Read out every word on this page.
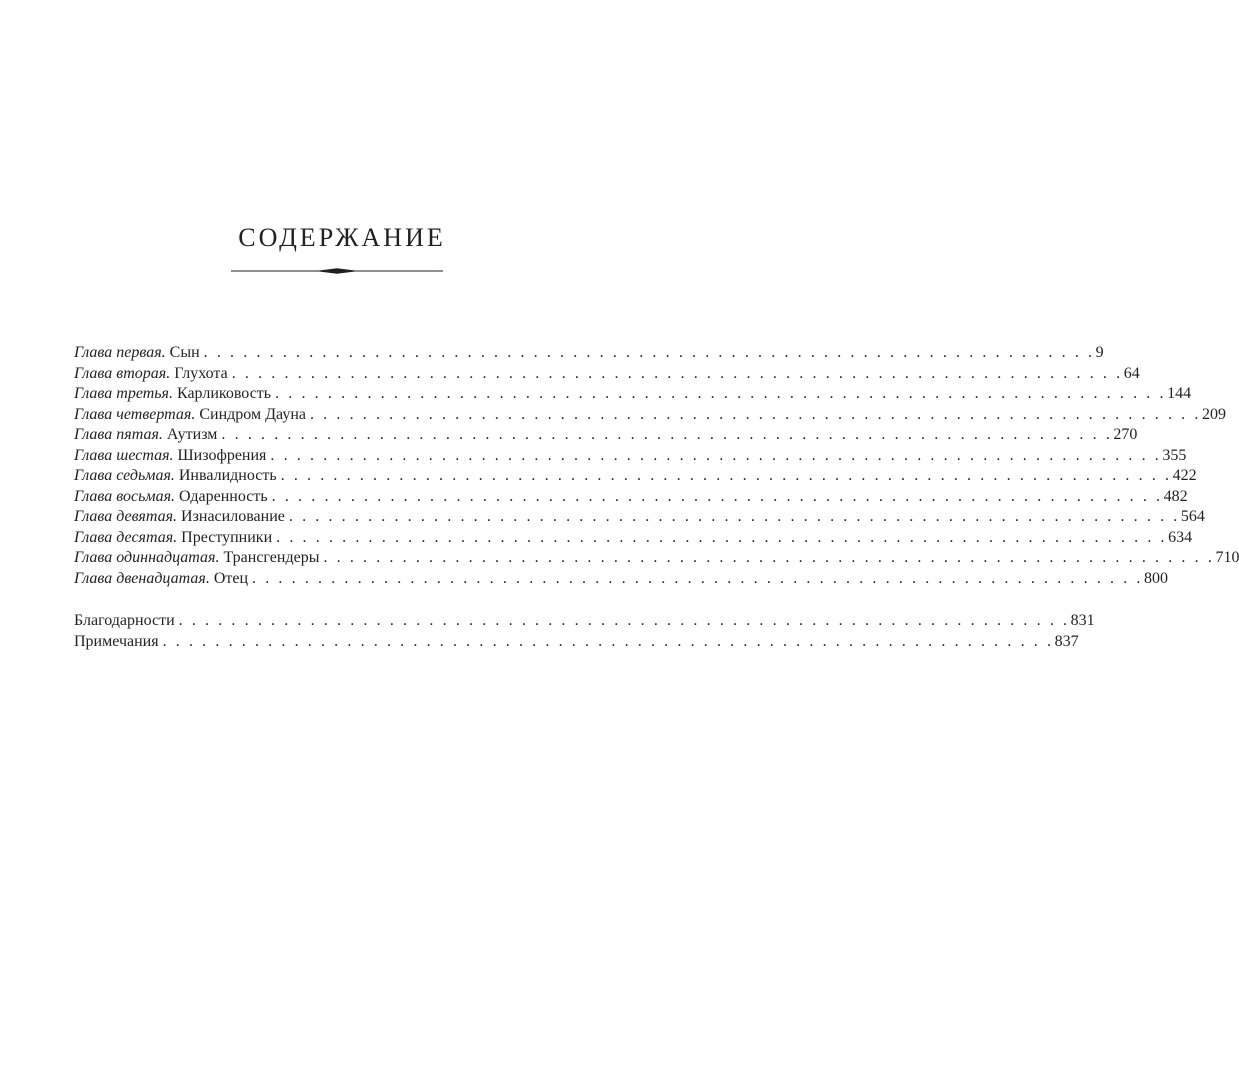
СОДЕРЖАНИЕ
Глава первая.
Сын . . . . . . . . . . . . . . . . . . . . . . . . . . . . . . . . . . . . . . . . . . . . . . . . . . . . . . . . . . . . . . . . . . . . 9
Глава вторая.
Глухота . . . . . . . . . . . . . . . . . . . . . . . . . . . . . . . . . . . . . . . . . . . . . . . . . . . . . . . . . . . . . . . . . . . . 64
Глава третья.
Карликовость . . . . . . . . . . . . . . . . . . . . . . . . . . . . . . . . . . . . . . . . . . . . . . . . . . . . . . . . . . . . . . . . . . . . 144
Глава четвертая.
Синдром Дауна . . . . . . . . . . . . . . . . . . . . . . . . . . . . . . . . . . . . . . . . . . . . . . . . . . . . . . . . . . . . . . . . . . . . 209
Глава пятая.
Аутизм . . . . . . . . . . . . . . . . . . . . . . . . . . . . . . . . . . . . . . . . . . . . . . . . . . . . . . . . . . . . . . . . . . . . 270
Глава шестая.
Шизофрения . . . . . . . . . . . . . . . . . . . . . . . . . . . . . . . . . . . . . . . . . . . . . . . . . . . . . . . . . . . . . . . . . . . . 355
Глава седьмая.
Инвалидность . . . . . . . . . . . . . . . . . . . . . . . . . . . . . . . . . . . . . . . . . . . . . . . . . . . . . . . . . . . . . . . . . . . . 422
Глава восьмая.
Одаренность . . . . . . . . . . . . . . . . . . . . . . . . . . . . . . . . . . . . . . . . . . . . . . . . . . . . . . . . . . . . . . . . . . . . 482
Глава девятая.
Изнасилование . . . . . . . . . . . . . . . . . . . . . . . . . . . . . . . . . . . . . . . . . . . . . . . . . . . . . . . . . . . . . . . . . . . . 564
Глава десятая.
Преступники . . . . . . . . . . . . . . . . . . . . . . . . . . . . . . . . . . . . . . . . . . . . . . . . . . . . . . . . . . . . . . . . . . . . 634
Глава одиннадцатая.
Трансгендеры . . . . . . . . . . . . . . . . . . . . . . . . . . . . . . . . . . . . . . . . . . . . . . . . . . . . . . . . . . . . . . . . . . . . 710
Глава двенадцатая.
Отец . . . . . . . . . . . . . . . . . . . . . . . . . . . . . . . . . . . . . . . . . . . . . . . . . . . . . . . . . . . . . . . . . . . . 800
Благодарности . . . . . . . . . . . . . . . . . . . . . . . . . . . . . . . . . . . . . . . . . . . . . . . . . . . . . . . . . . . . . . . . . . . . 831
Примечания . . . . . . . . . . . . . . . . . . . . . . . . . . . . . . . . . . . . . . . . . . . . . . . . . . . . . . . . . . . . . . . . . . . . 837
